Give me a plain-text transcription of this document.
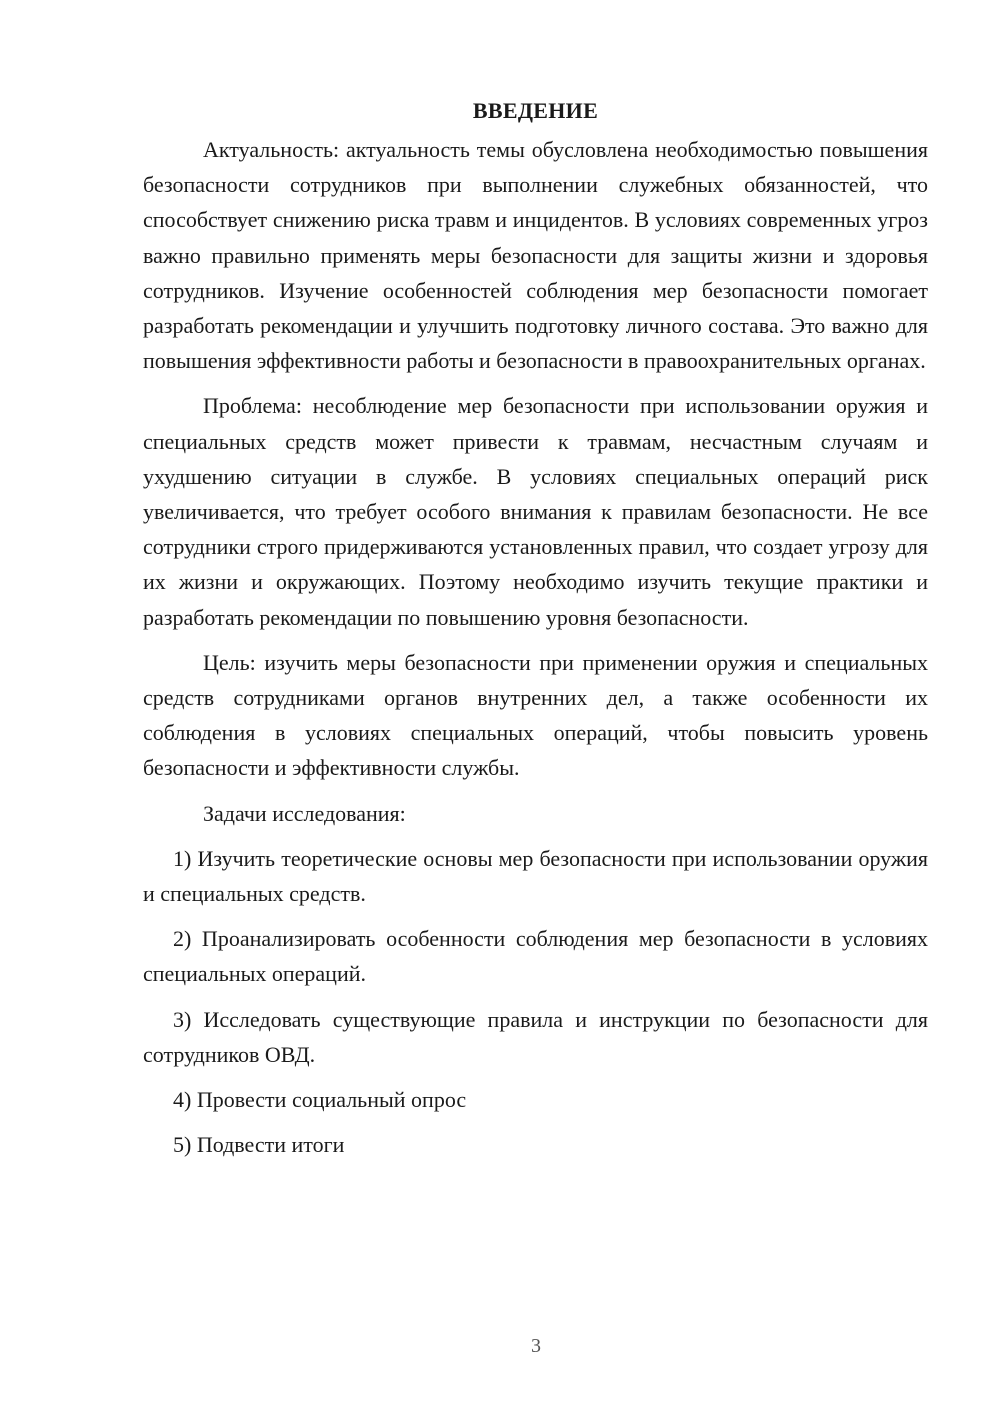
ВВЕДЕНИЕ

Актуальность: актуальность темы обусловлена необходимостью повышения безопасности сотрудников при выполнении служебных обязанностей, что способствует снижению риска травм и инцидентов. В условиях современных угроз важно правильно применять меры безопасности для защиты жизни и здоровья сотрудников. Изучение особенностей соблюдения мер безопасности помогает разработать рекомендации и улучшить подготовку личного состава. Это важно для повышения эффективности работы и безопасности в правоохранительных органах.

Проблема: несоблюдение мер безопасности при использовании оружия и специальных средств может привести к травмам, несчастным случаям и ухудшению ситуации в службе. В условиях специальных операций риск увеличивается, что требует особого внимания к правилам безопасности. Не все сотрудники строго придерживаются установленных правил, что создает угрозу для их жизни и окружающих. Поэтому необходимо изучить текущие практики и разработать рекомендации по повышению уровня безопасности.

Цель: изучить меры безопасности при применении оружия и специальных средств сотрудниками органов внутренних дел, а также особенности их соблюдения в условиях специальных операций, чтобы повысить уровень безопасности и эффективности службы.

Задачи исследования:

1) Изучить теоретические основы мер безопасности при использовании оружия и специальных средств.

2) Проанализировать особенности соблюдения мер безопасности в условиях специальных операций.

3) Исследовать существующие правила и инструкции по безопасности для сотрудников ОВД.

4) Провести социальный опрос

5) Подвести итоги

3
